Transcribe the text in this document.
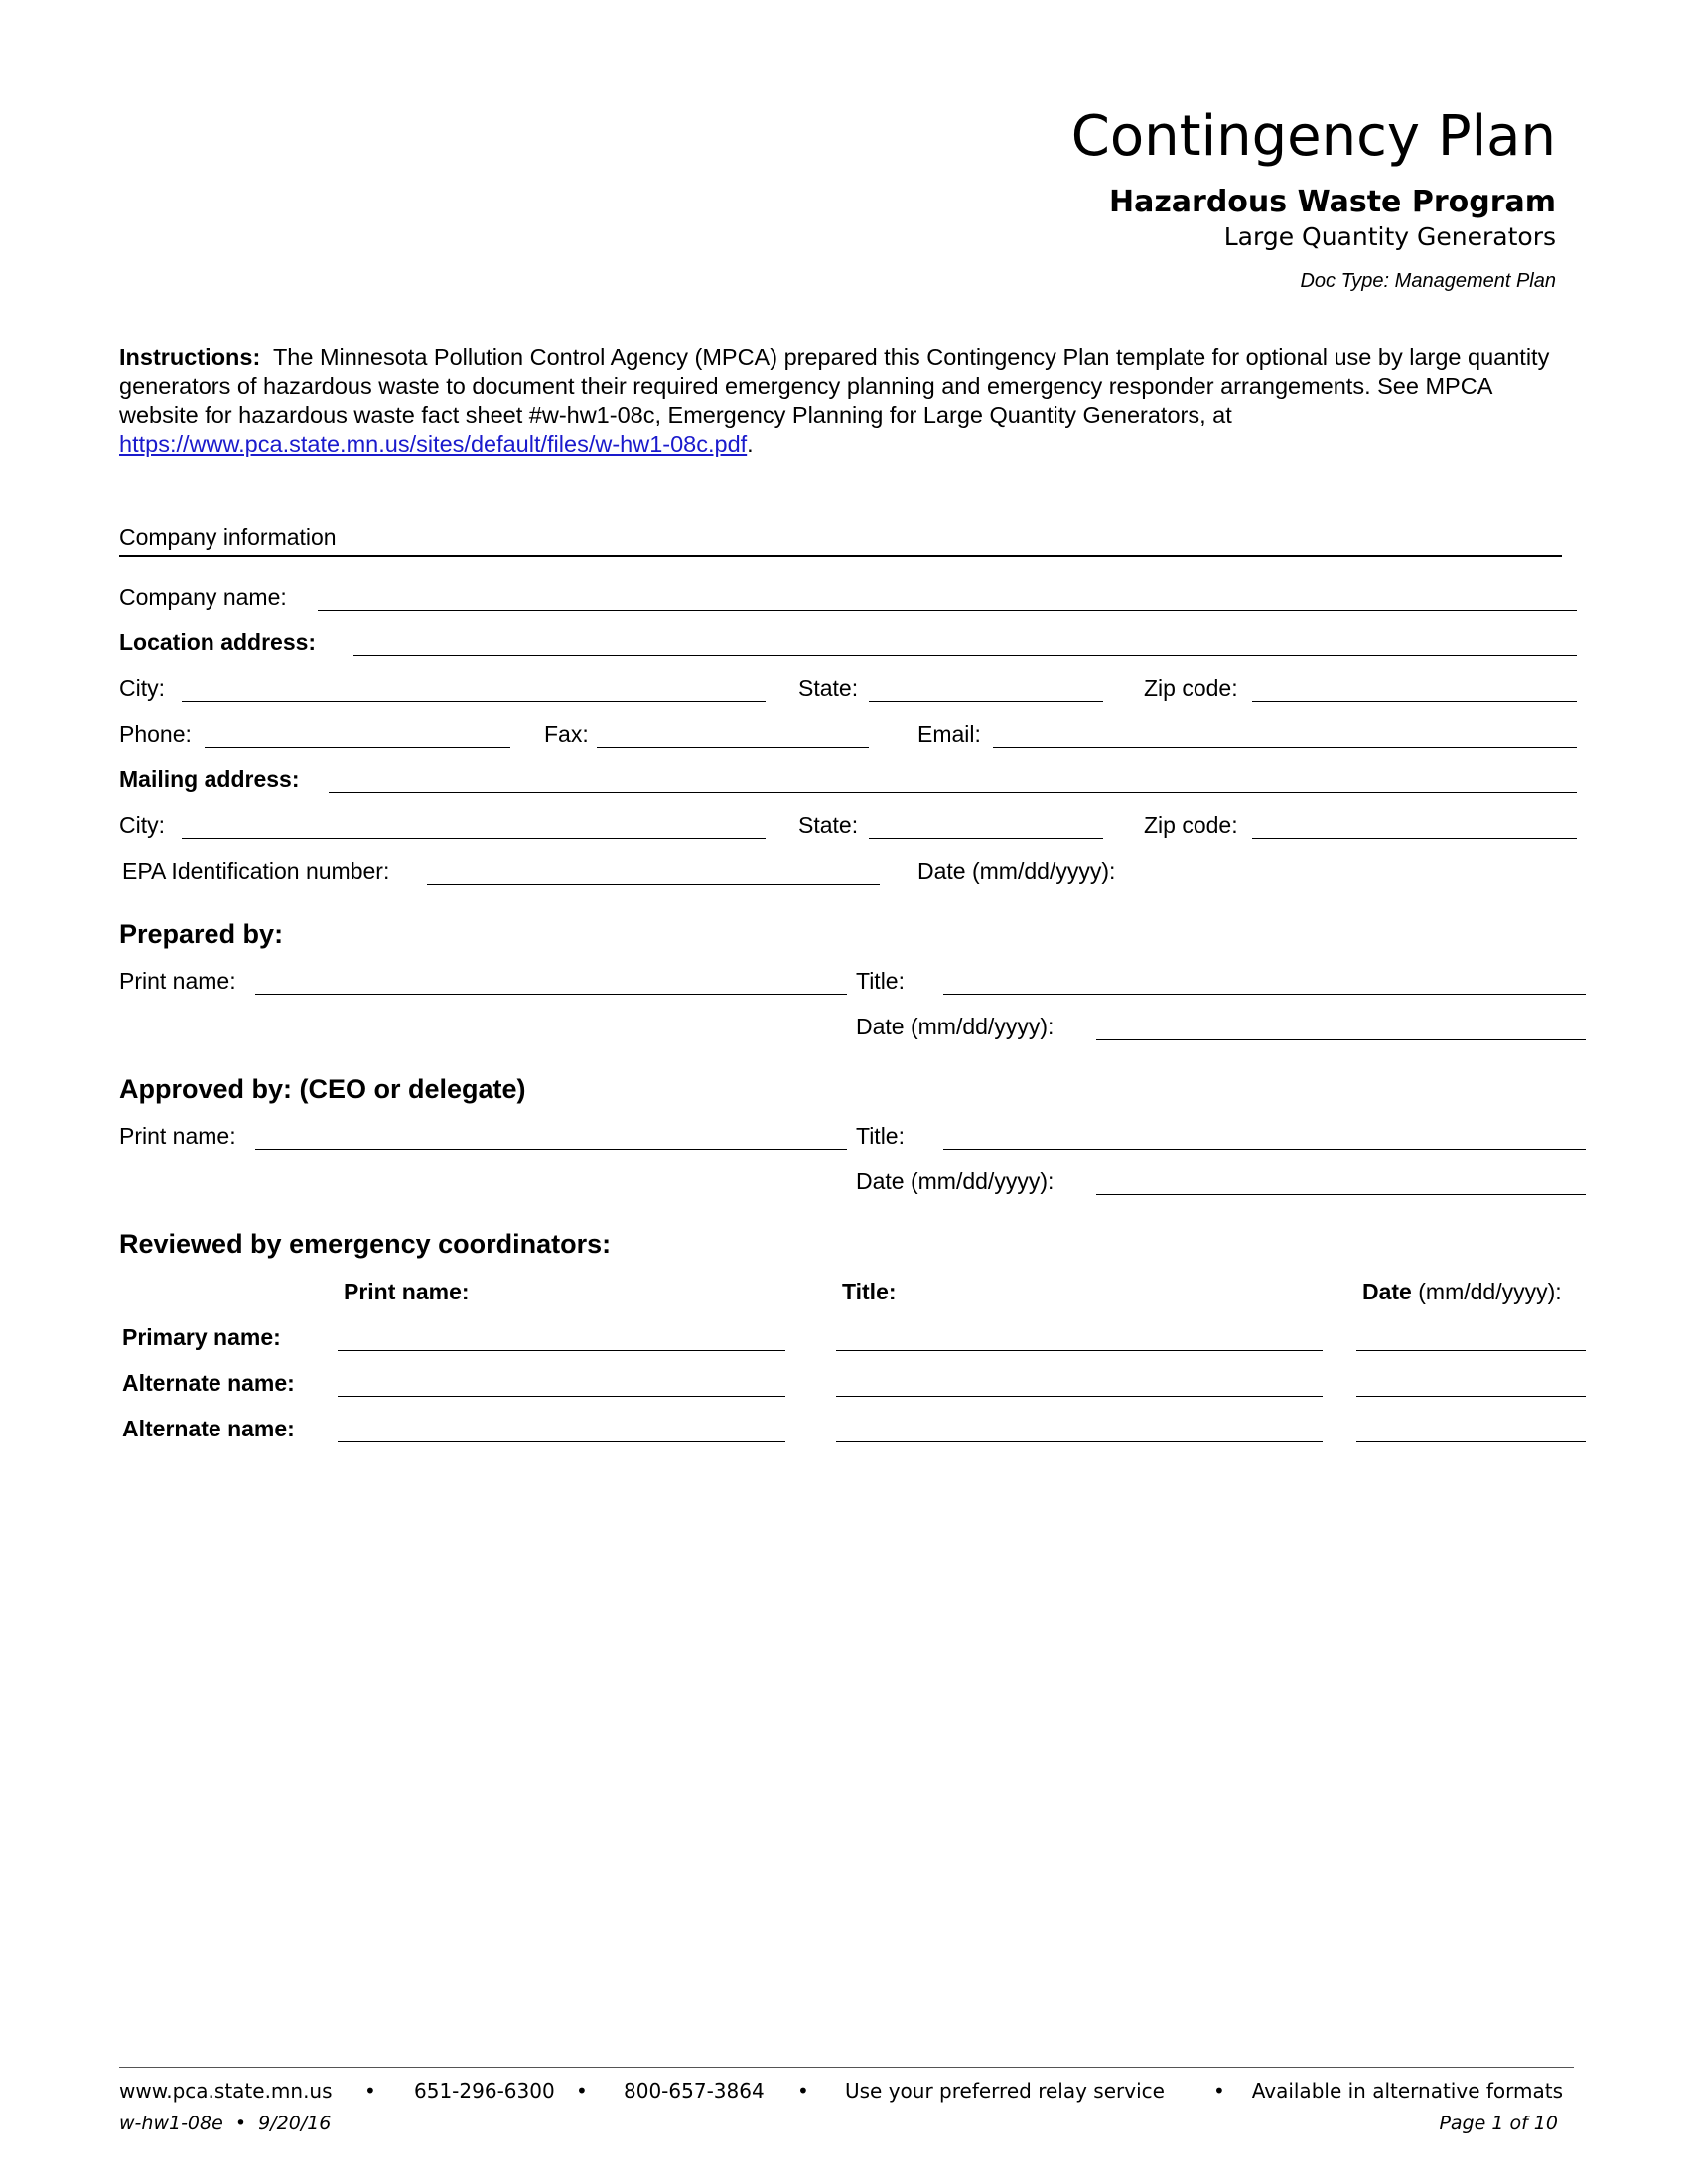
Contingency Plan
Hazardous Waste Program
Large Quantity Generators
Doc Type: Management Plan
Instructions: The Minnesota Pollution Control Agency (MPCA) prepared this Contingency Plan template for optional use by large quantity generators of hazardous waste to document their required emergency planning and emergency responder arrangements. See MPCA website for hazardous waste fact sheet #w-hw1-08c, Emergency Planning for Large Quantity Generators, at https://www.pca.state.mn.us/sites/default/files/w-hw1-08c.pdf.
Company information
Company name:
Location address:
City:	State:	Zip code:
Phone:	Fax:	Email:
Mailing address:
City:	State:	Zip code:
EPA Identification number:	Date (mm/dd/yyyy):
Prepared by:
Print name:	Title:
Date (mm/dd/yyyy):
Approved by: (CEO or delegate)
Print name:	Title:
Date (mm/dd/yyyy):
Reviewed by emergency coordinators:
Print name:	Title:	Date (mm/dd/yyyy):
Primary name:
Alternate name:
Alternate name:
www.pca.state.mn.us • 651-296-6300 • 800-657-3864 • Use your preferred relay service • Available in alternative formats
w-hw1-08e  •  9/20/16	Page 1 of 10
